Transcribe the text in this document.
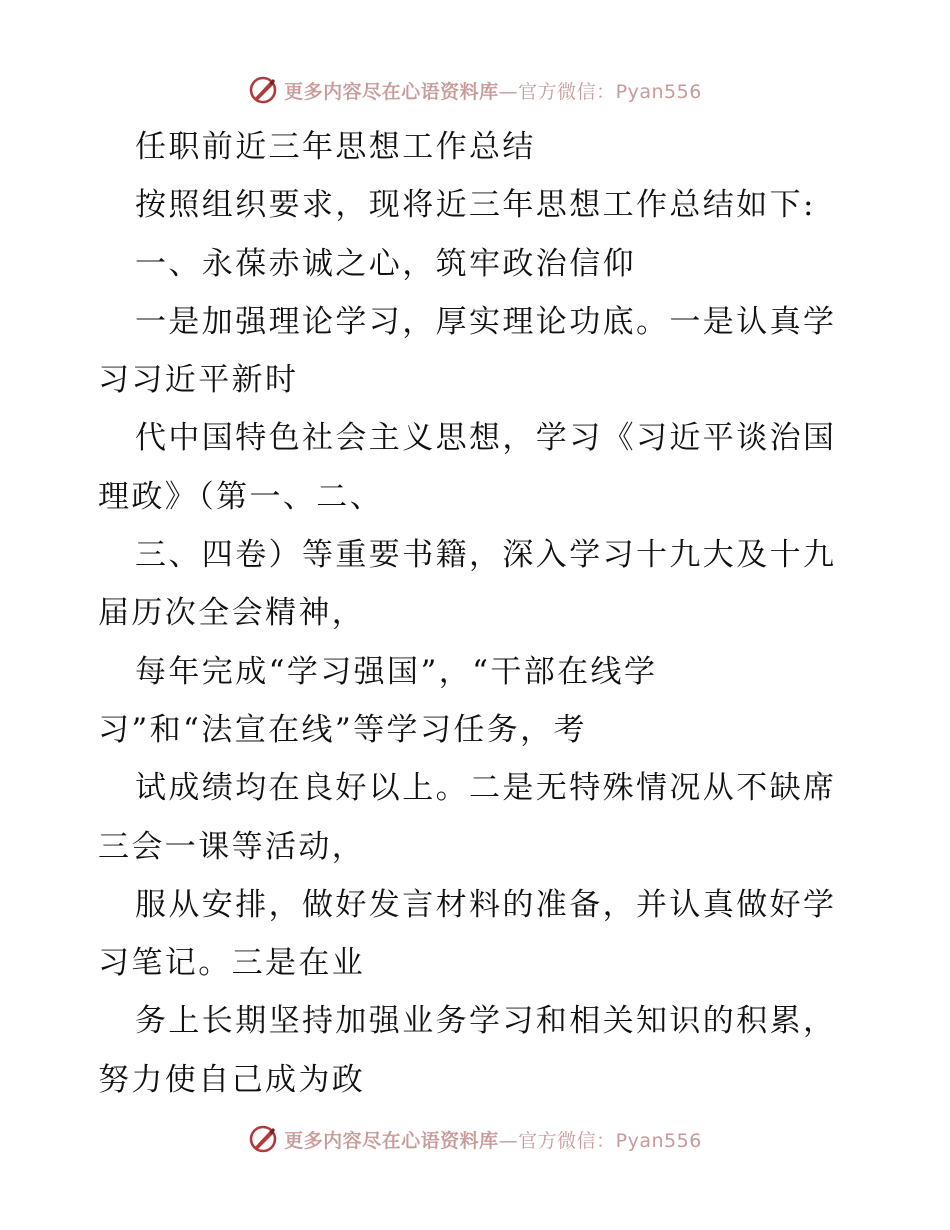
更多内容尽在心语资料库—官方微信：Pyan556
任职前近三年思想工作总结
按照组织要求，现将近三年思想工作总结如下:
一、永葆赤诚之心，筑牢政治信仰
一是加强理论学习，厚实理论功底。一是认真学
习习近平新时
代中国特色社会主义思想，学习《习近平谈治国
理政》（第一、二、
三、四卷）等重要书籍，深入学习十九大及十九
届历次全会精神，
每年完成“学习强国”，“干部在线学
习”和“法宣在线”等学习任务，考
试成绩均在良好以上。二是无特殊情况从不缺席
三会一课等活动，
服从安排，做好发言材料的准备，并认真做好学
习笔记。三是在业
务上长期坚持加强业务学习和相关知识的积累，
努力使自己成为政
更多内容尽在心语资料库—官方微信：Pyan556
